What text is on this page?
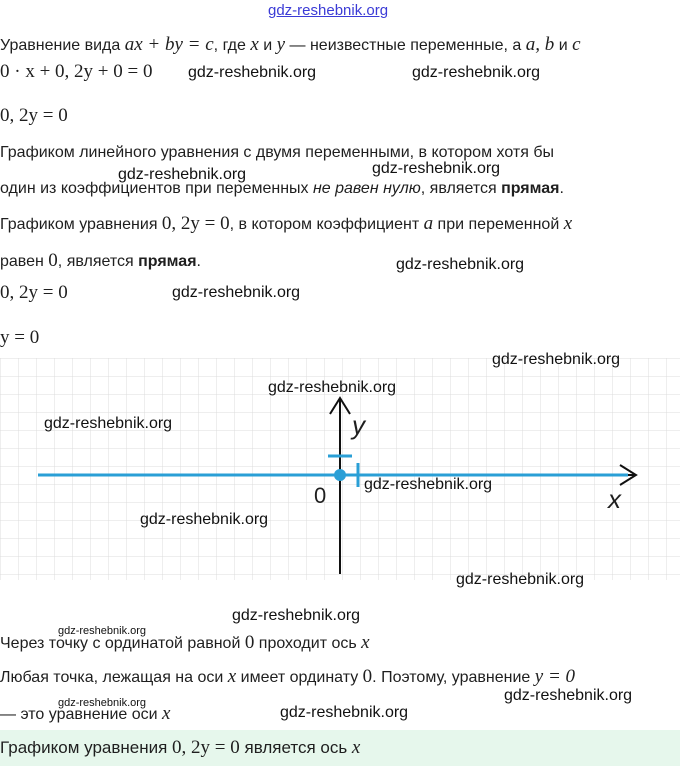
gdz-reshebnik.org
Уравнение вида ax + by = c, где x и y — неизвестные переменные, а a, b и c
0 · x + 0, 2y + 0 = 0 gdz-reshebnik.org	gdz-reshebnik.org
0, 2y = 0
Графиком линейного уравнения с двумя переменными, в котором хотя бы
gdz-reshebnik.org	gdz-reshebnik.org
один из коэффициентов при переменных не равен нулю, является прямая.
Графиком уравнения 0, 2y = 0, в котором коэффициент a при переменной x
равен 0, является прямая.	gdz-reshebnik.org
0, 2y = 0	gdz-reshebnik.org
y = 0
y
x
0
gdz-reshebnik.org
gdz-reshebnik.org
gdz-reshebnik.org
gdz-reshebnik.org
gdz-reshebnik.org
gdz-reshebnik.org
gdz-reshebnik.org
gdz-reshebnik.org
Через точку с ординатой равной 0 проходит ось x
Любая точка, лежащая на оси x имеет ординату 0. Поэтому, уравнение y = 0
gdz-reshebnik.org
gdz-reshebnik.org
— это уравнение оси x	gdz-reshebnik.org
Графиком уравнения 0, 2y = 0 является ось x
